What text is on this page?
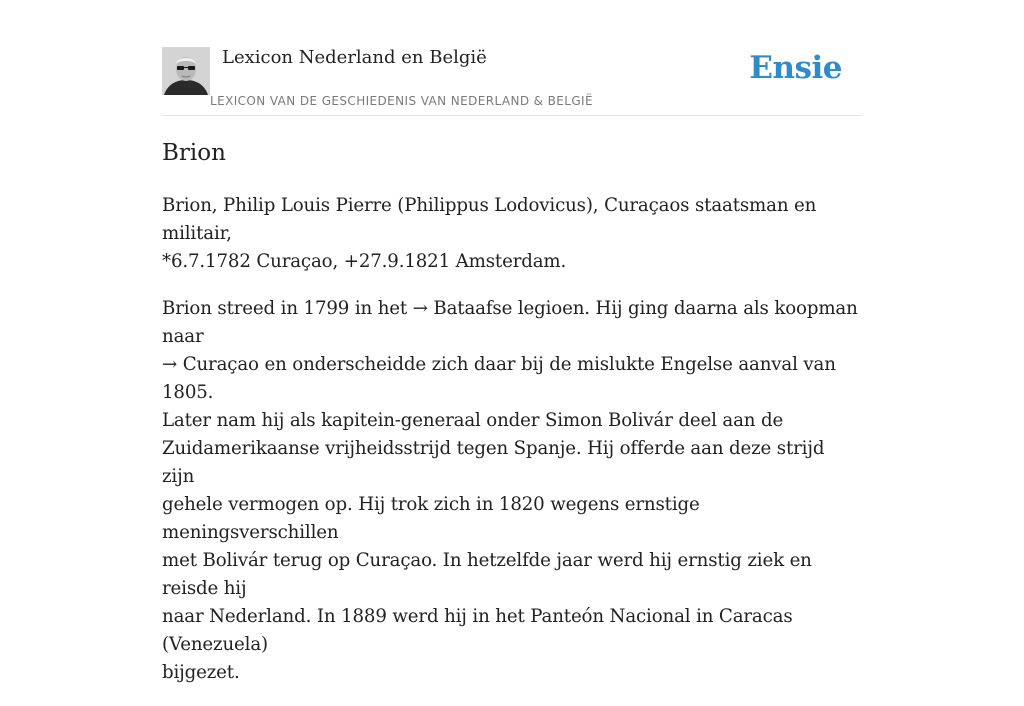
Lexicon Nederland en België
LEXICON VAN DE GESCHIEDENIS VAN NEDERLAND & BELGIË
Ensie
Brion

Brion, Philip Louis Pierre (Philippus Lodovicus), Curaçaos staatsman en militair,
*6.7.1782 Curaçao, +27.9.1821 Amsterdam.

Brion streed in 1799 in het → Bataafse legioen. Hij ging daarna als koopman naar
→ Curaçao en onderscheidde zich daar bij de mislukte Engelse aanval van 1805.
Later nam hij als kapitein-generaal onder Simon Bolivár deel aan de
Zuidamerikaanse vrijheidsstrijd tegen Spanje. Hij offerde aan deze strijd zijn
gehele vermogen op. Hij trok zich in 1820 wegens ernstige meningsverschillen
met Bolivár terug op Curaçao. In hetzelfde jaar werd hij ernstig ziek en reisde hij
naar Nederland. In 1889 werd hij in het Panteón Nacional in Caracas (Venezuela)
bijgezet.
